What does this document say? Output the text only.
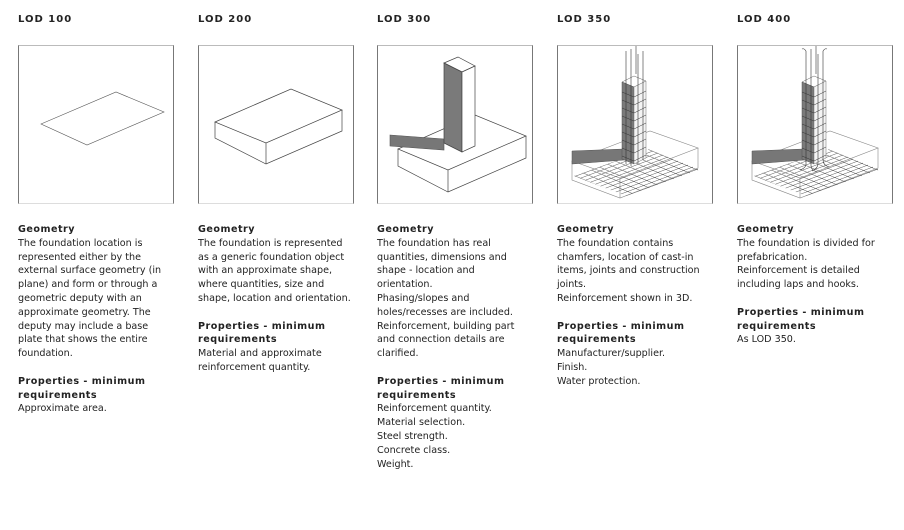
LOD 100

Geometry

The foundation location is

represented either by the

external surface geometry (in

plane) and form or through a

geometric deputy with an

approximate geometry. The

deputy may include a base

plate that shows the entire

foundation.

Properties - minimum

requirements

Approximate area.

LOD 200

Geometry

The foundation is represented

as a generic foundation object

with an approximate shape,

where quantities, size and

shape, location and orientation.

Properties - minimum

requirements

Material and approximate

reinforcement quantity.

LOD 300

Geometry

The foundation has real

quantities, dimensions and

shape - location and

orientation.

Phasing/slopes and

holes/recesses are included.

Reinforcement, building part

and connection details are

clarified.

Properties - minimum

requirements

Reinforcement quantity.

Material selection.

Steel strength.

Concrete class.

Weight.

LOD 350

Geometry

The foundation contains

chamfers, location of cast-in

items, joints and construction

joints.

Reinforcement shown in 3D.

Properties - minimum

requirements

Manufacturer/supplier.

Finish.

Water protection.

LOD 400

Geometry

The foundation is divided for

prefabrication.

Reinforcement is detailed

including laps and hooks.

Properties - minimum

requirements

As LOD 350.
